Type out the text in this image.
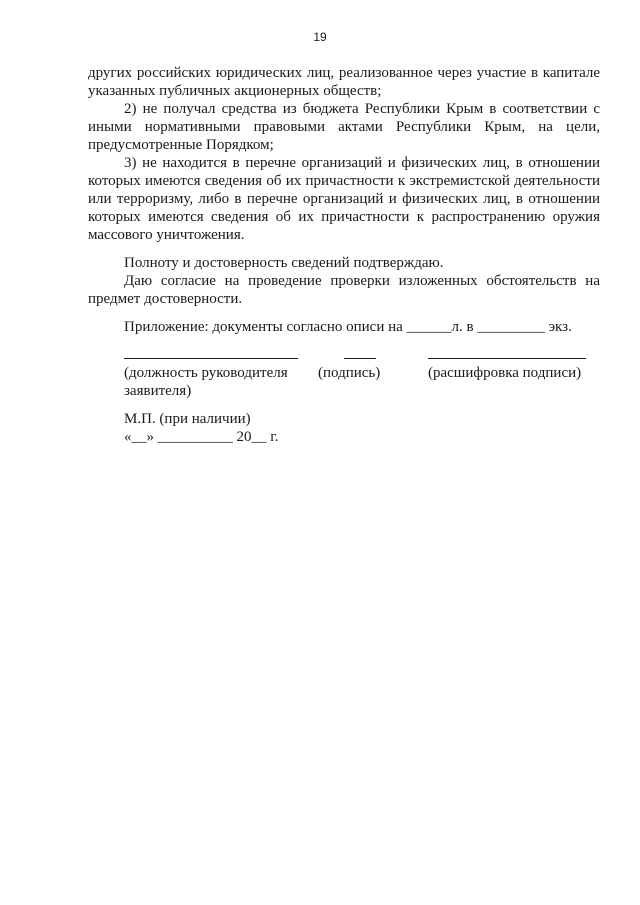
19
других российских юридических лиц, реализованное через участие в капитале
указанных публичных акционерных обществ;
2) не получал средства из бюджета Республики Крым в соответствии с
иными нормативными правовыми актами Республики Крым, на цели,
предусмотренные Порядком;
3) не находится в перечне организаций и физических лиц, в отношении
которых имеются сведения об их причастности к экстремистской деятельности
или терроризму, либо в перечне организаций и физических лиц, в отношении
которых имеются сведения об их причастности к распространению оружия
массового уничтожения.
Полноту и достоверность сведений подтверждаю.
Даю согласие на проведение проверки изложенных обстоятельств на
предмет достоверности.
Приложение: документы согласно описи на ______л. в _________ экз.
(должность руководителя
заявителя)
(подпись)	(расшифровка подписи)
М.П. (при наличии)
«__» __________ 20__ г.
